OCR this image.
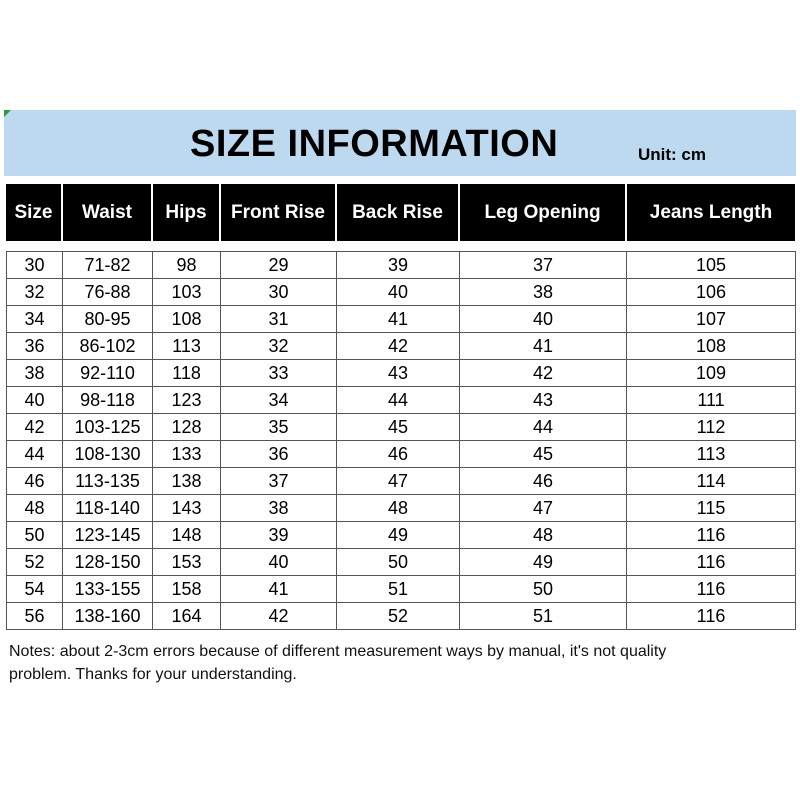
SIZE INFORMATION	Unit: cm
Size	Waist	Hips	Front Rise	Back Rise	Leg Opening	Jeans Length
30	71-82	98	29	39	37	105
32	76-88	103	30	40	38	106
34	80-95	108	31	41	40	107
36	86-102	113	32	42	41	108
38	92-110	118	33	43	42	109
40	98-118	123	34	44	43	111
42	103-125	128	35	45	44	112
44	108-130	133	36	46	45	113
46	113-135	138	37	47	46	114
48	118-140	143	38	48	47	115
50	123-145	148	39	49	48	116
52	128-150	153	40	50	49	116
54	133-155	158	41	51	50	116
56	138-160	164	42	52	51	116
Notes: about 2-3cm errors because of different measurement ways by manual, it's not quality
problem. Thanks for your understanding.
